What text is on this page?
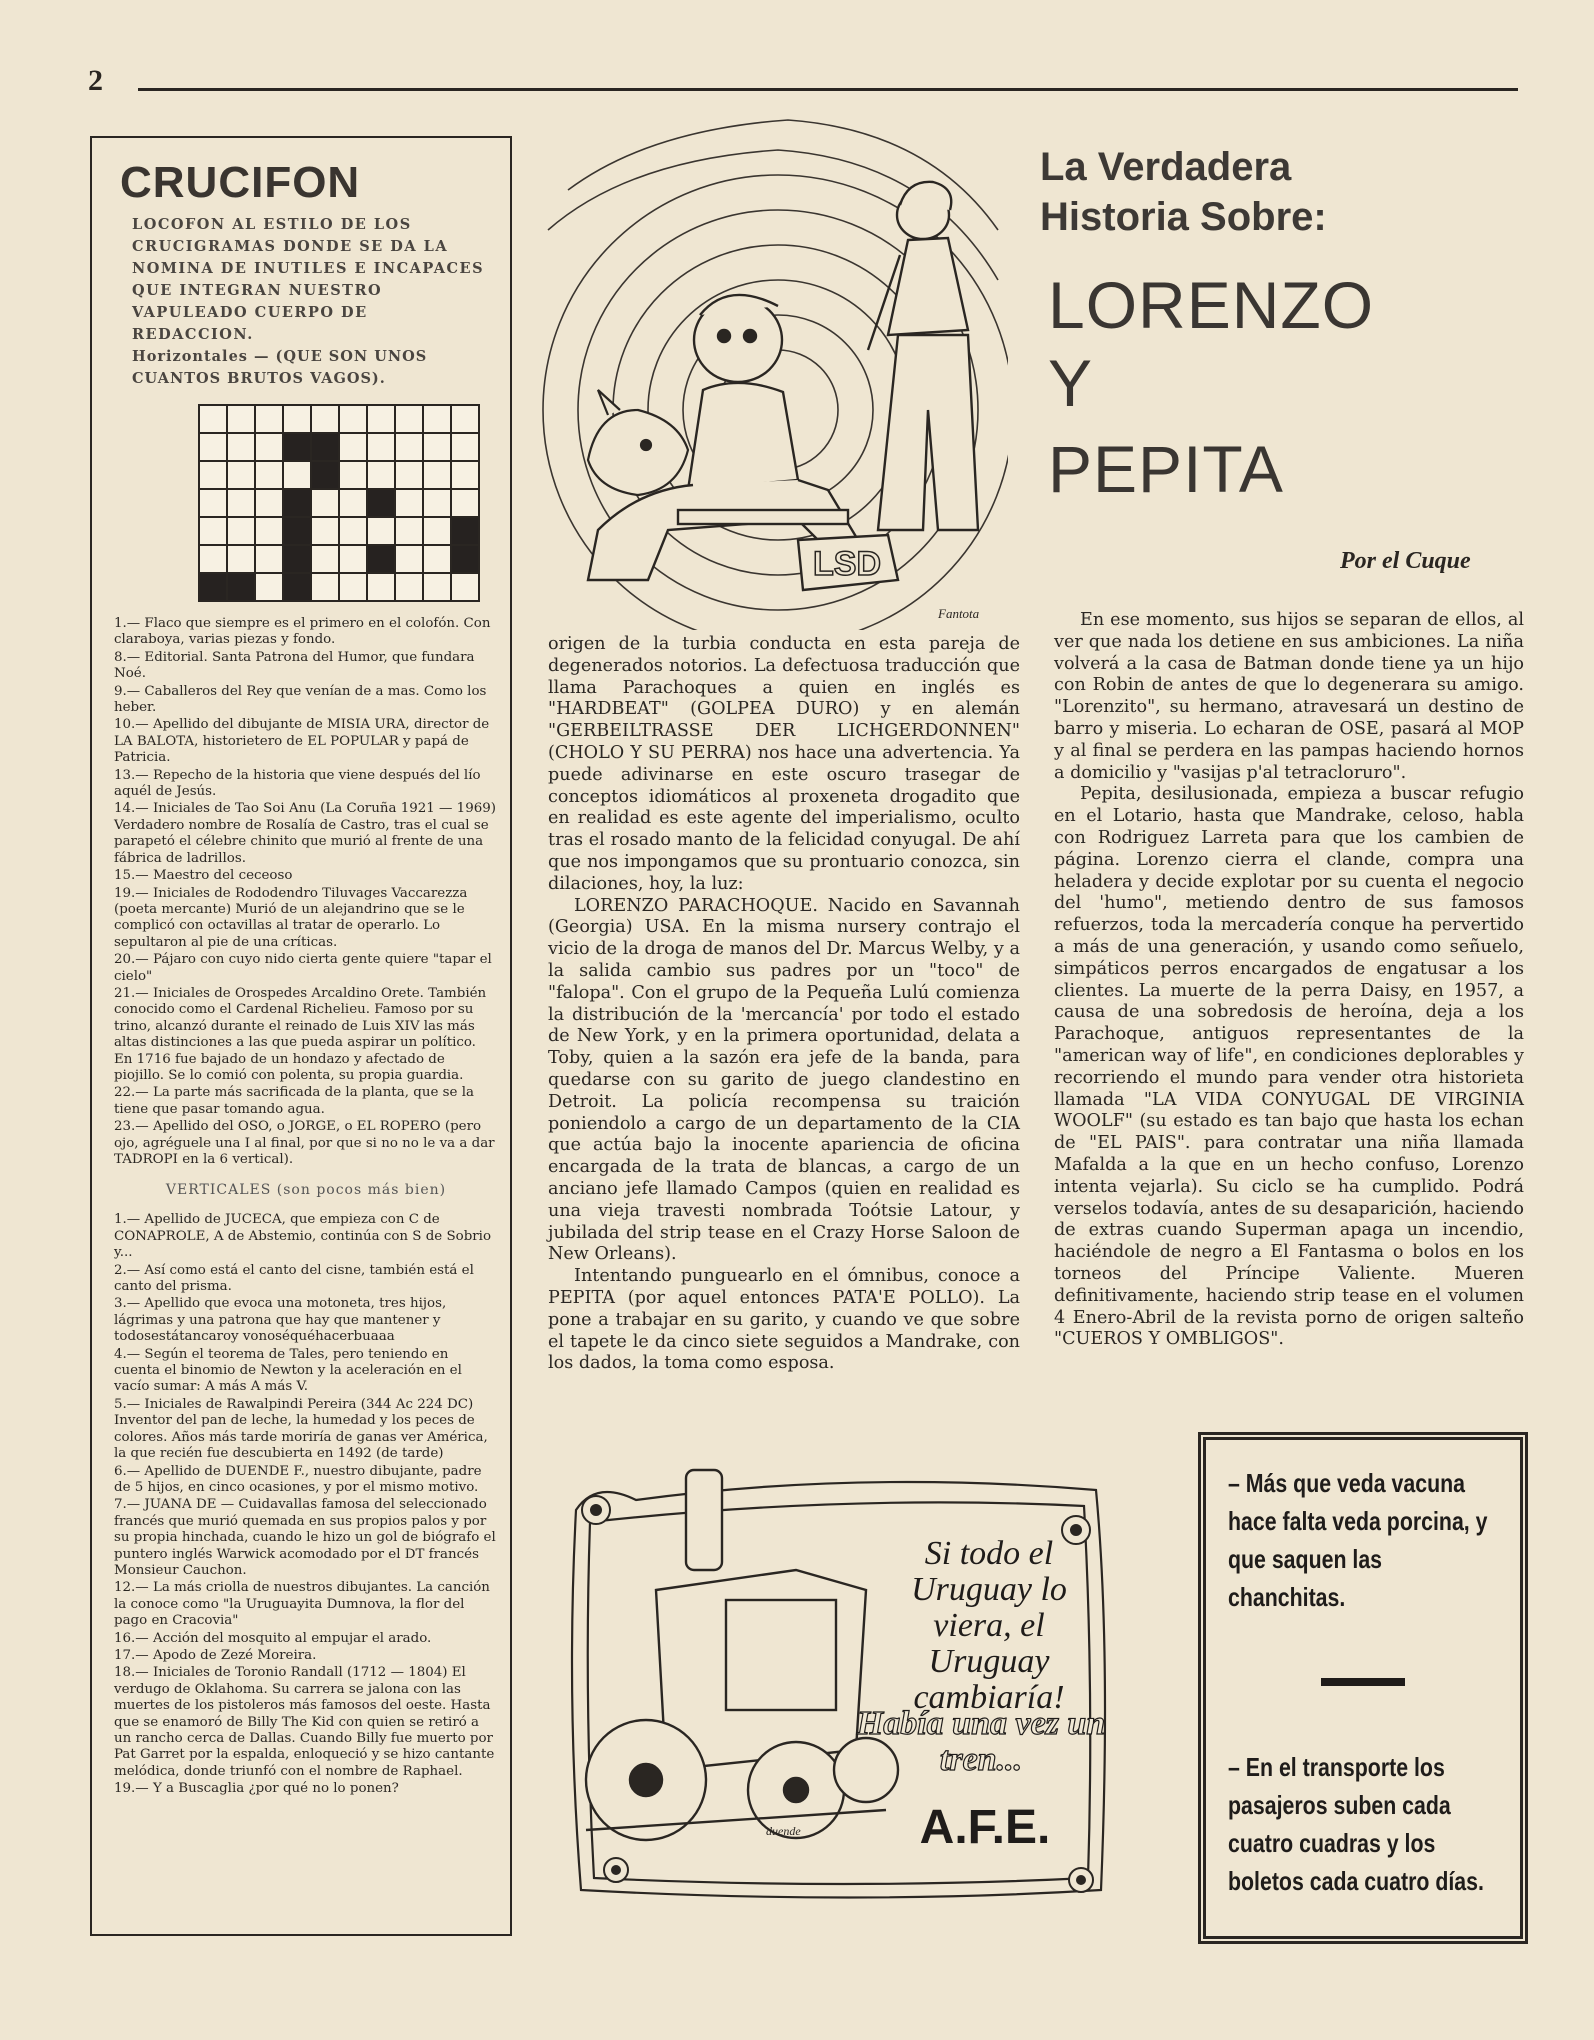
2
CRUCIFON
LOCOFON AL ESTILO DE LOS CRUCIGRAMAS DONDE SE DA LA NOMINA DE INUTILES E INCAPACES QUE INTEGRAN NUESTRO VAPULEADO CUERPO DE REDACCION.
Horizontales — (QUE SON UNOS CUANTOS BRUTOS VAGOS).
1.— Flaco que siempre es el primero en el colofón. Con claraboya, varias piezas y fondo.
8.— Editorial. Santa Patrona del Humor, que fundara Noé.
9.— Caballeros del Rey que venían de a mas. Como los heber.
10.— Apellido del dibujante de MISIA URA, director de LA BALOTA, historietero de EL POPULAR y papá de Patricia.
13.— Repecho de la historia que viene después del lío aquél de Jesús.
14.— Iniciales de Tao Soi Anu (La Coruña 1921 — 1969) Verdadero nombre de Rosalía de Castro, tras el cual se parapetó el célebre chinito que murió al frente de una fábrica de ladrillos.
15.— Maestro del ceceoso
19.— Iniciales de Rododendro Tiluvages Vaccarezza (poeta mercante) Murió de un alejandrino que se le complicó con octavillas al tratar de operarlo. Lo sepultaron al pie de una críticas.
20.— Pájaro con cuyo nido cierta gente quiere "tapar el cielo"
21.— Iniciales de Orospedes Arcaldino Orete. También conocido como el Cardenal Richelieu. Famoso por su trino, alcanzó durante el reinado de Luis XIV las más altas distinciones a las que pueda aspirar un político. En 1716 fue bajado de un hondazo y afectado de piojillo. Se lo comió con polenta, su propia guardia.
22.— La parte más sacrificada de la planta, que se la tiene que pasar tomando agua.
23.— Apellido del OSO, o JORGE, o EL ROPERO (pero ojo, agréguele una I al final, por que si no no le va a dar TADROPI en la 6 vertical).
VERTICALES (son pocos más bien)
1.— Apellido de JUCECA, que empieza con C de CONAPROLE, A de Abstemio, continúa con S de Sobrio y...
2.— Así como está el canto del cisne, también está el canto del prisma.
3.— Apellido que evoca una motoneta, tres hijos, lágrimas y una patrona que hay que mantener y todosestátancaroy vonoséquéhacerbuaaa
4.— Según el teorema de Tales, pero teniendo en cuenta el binomio de Newton y la aceleración en el vacío sumar: A más A más V.
5.— Iniciales de Rawalpindi Pereira (344 Ac 224 DC) Inventor del pan de leche, la humedad y los peces de colores. Años más tarde moriría de ganas ver América, la que recién fue descubierta en 1492 (de tarde)
6.— Apellido de DUENDE F., nuestro dibujante, padre de 5 hijos, en cinco ocasiones, y por el mismo motivo.
7.— JUANA DE — Cuidavallas famosa del seleccionado francés que murió quemada en sus propios palos y por su propia hinchada, cuando le hizo un gol de biógrafo el puntero inglés Warwick acomodado por el DT francés Monsieur Cauchon.
12.— La más criolla de nuestros dibujantes. La canción la conoce como "la Uruguayita Dumnova, la flor del pago en Cracovia"
16.— Acción del mosquito al empujar el arado.
17.— Apodo de Zezé Moreira.
18.— Iniciales de Toronio Randall (1712 — 1804) El verdugo de Oklahoma. Su carrera se jalona con las muertes de los pistoleros más famosos del oeste. Hasta que se enamoró de Billy The Kid con quien se retiró a un rancho cerca de Dallas. Cuando Billy fue muerto por Pat Garret por la espalda, enloqueció y se hizo cantante melódica, donde triunfó con el nombre de Raphael.
19.— Y a Buscaglia ¿por qué no lo ponen?
LSD
Fantota
La Verdadera
Historia Sobre:
LORENZO
Y
PEPITA
Por el Cuque

origen de la turbia conducta en esta pareja de degenerados notorios. La defectuosa traducción que llama Parachoques a quien en inglés es "HARDBEAT" (GOLPEA DURO) y en alemán "GERBEILTRASSE DER LICHGERDONNEN" (CHOLO Y SU PERRA) nos hace una advertencia. Ya puede adivinarse en este oscuro trasegar de conceptos idiomáticos al proxeneta drogadito que en realidad es este agente del imperialismo, oculto tras el rosado manto de la felicidad conyugal. De ahí que nos impongamos que su prontuario conozca, sin dilaciones, hoy, la luz:

LORENZO PARACHOQUE. Nacido en Savannah (Georgia) USA. En la misma nursery contrajo el vicio de la droga de manos del Dr. Marcus Welby, y a la salida cambio sus padres por un "toco" de "falopa". Con el grupo de la Pequeña Lulú comienza la distribución de la 'mercancía' por todo el estado de New York, y en la primera oportunidad, delata a Toby, quien a la sazón era jefe de la banda, para quedarse con su garito de juego clandestino en Detroit. La policía recompensa su traición poniendolo a cargo de un departamento de la CIA que actúa bajo la inocente apariencia de oficina encargada de la trata de blancas, a cargo de un anciano jefe llamado Campos (quien en realidad es una vieja travesti nombrada Toótsie Latour, y jubilada del strip tease en el Crazy Horse Saloon de New Orleans).

Intentando punguearlo en el ómnibus, conoce a PEPITA (por aquel entonces PATA'E POLLO). La pone a trabajar en su garito, y cuando ve que sobre el tapete le da cinco siete seguidos a Mandrake, con los dados, la toma como esposa.

En ese momento, sus hijos se separan de ellos, al ver que nada los detiene en sus ambiciones. La niña volverá a la casa de Batman donde tiene ya un hijo con Robin de antes de que lo degenerara su amigo. "Lorenzito", su hermano, atravesará un destino de barro y miseria. Lo echaran de OSE, pasará al MOP y al final se perdera en las pampas haciendo hornos a domicilio y "vasijas p'al tetracloruro".

Pepita, desilusionada, empieza a buscar refugio en el Lotario, hasta que Mandrake, celoso, habla con Rodriguez Larreta para que los cambien de página. Lorenzo cierra el clande, compra una heladera y decide explotar por su cuenta el negocio del 'humo", metiendo dentro de sus famosos refuerzos, toda la mercadería conque ha pervertido a más de una generación, y usando como señuelo, simpáticos perros encargados de engatusar a los clientes. La muerte de la perra Daisy, en 1957, a causa de una sobredosis de heroína, deja a los Parachoque, antiguos representantes de la "american way of life", en condiciones deplorables y recorriendo el mundo para vender otra historieta llamada "LA VIDA CONYUGAL DE VIRGINIA WOOLF" (su estado es tan bajo que hasta los echan de "EL PAIS". para contratar una niña llamada Mafalda a la que en un hecho confuso, Lorenzo intenta vejarla). Su ciclo se ha cumplido. Podrá verselos todavía, antes de su desaparición, haciendo de extras cuando Superman apaga un incendio, haciéndole de negro a El Fantasma o bolos en los torneos del Príncipe Valiente. Mueren definitivamente, haciendo strip tease en el volumen 4 Enero-Abril de la revista porno de origen salteño "CUEROS Y OMBLIGOS".

duende
Si todo el Uruguay lo viera, el Uruguay cambiaría!
Había una vez un tren...
A.F.E.

– Más que veda vacuna hace falta veda porcina, y que saquen las chanchitas.

– En el transporte los pasajeros suben cada cuatro cuadras y los boletos cada cuatro días.
